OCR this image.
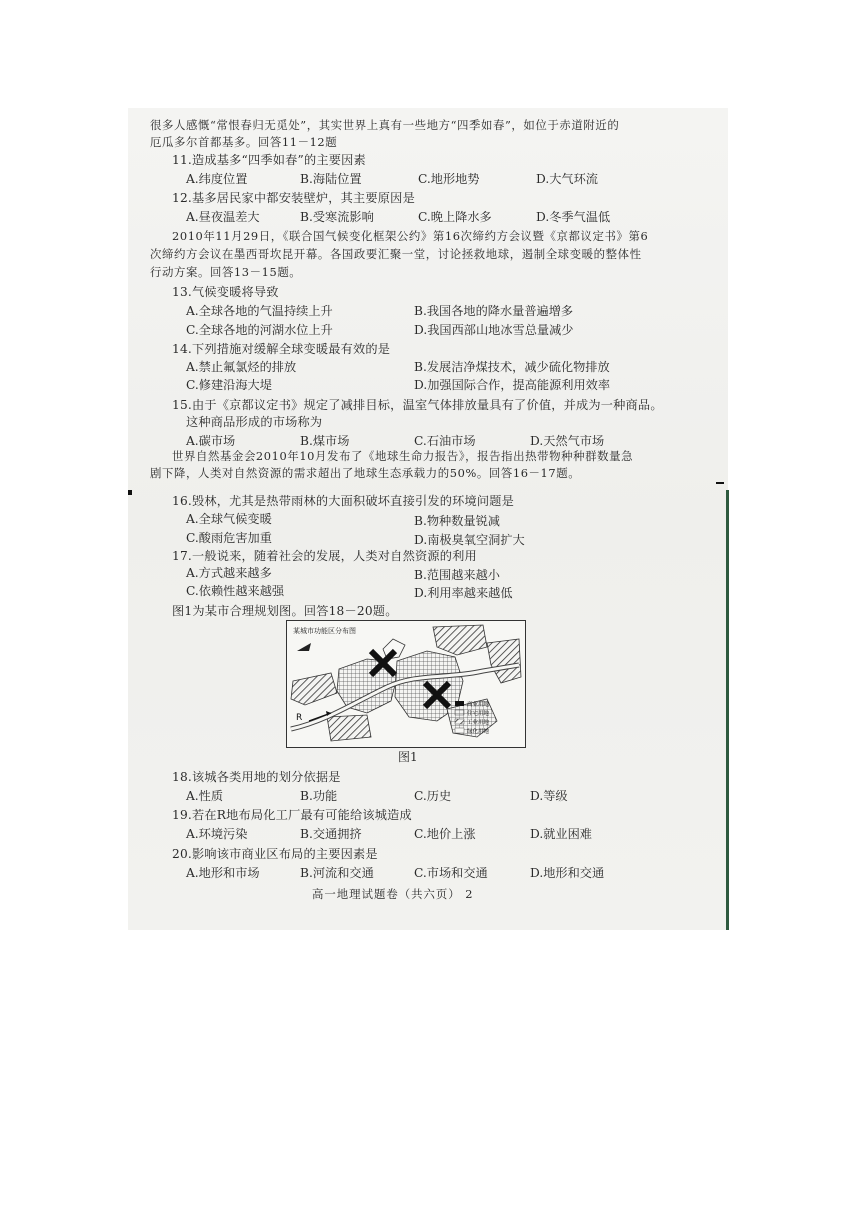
很多人感慨“常恨春归无觅处”，其实世界上真有一些地方“四季如春”，如位于赤道附近的
厄瓜多尔首都基多。回答11－12题
11.造成基多“四季如春”的主要因素
A.纬度位置	B.海陆位置	C.地形地势	D.大气环流
12.基多居民家中都安装壁炉，其主要原因是
A.昼夜温差大	B.受寒流影响	C.晚上降水多	D.冬季气温低
2010年11月29日，《联合国气候变化框架公约》第16次缔约方会议暨《京都议定书》第6
次缔约方会议在墨西哥坎昆开幕。各国政要汇聚一堂，讨论拯救地球，遏制全球变暖的整体性
行动方案。回答13－15题。
13.气候变暖将导致
A.全球各地的气温持续上升	B.我国各地的降水量普遍增多
C.全球各地的河湖水位上升	D.我国西部山地冰雪总量减少
14.下列措施对缓解全球变暖最有效的是
A.禁止氟氯烃的排放	B.发展洁净煤技术，减少硫化物排放
C.修建沿海大堤	D.加强国际合作，提高能源利用效率
15.由于《京都议定书》规定了减排目标，温室气体排放量具有了价值，并成为一种商品。
这种商品形成的市场称为
A.碳市场	B.煤市场	C.石油市场	D.天然气市场
世界自然基金会2010年10月发布了《地球生命力报告》，报告指出热带物种种群数量急
剧下降，人类对自然资源的需求超出了地球生态承载力的50%。回答16－17题。
16.毁林，尤其是热带雨林的大面积破坏直接引发的环境问题是
A.全球气候变暖	B.物种数量锐减
C.酸雨危害加重	D.南极臭氧空洞扩大
17.一般说来，随着社会的发展，人类对自然资源的利用
A.方式越来越多	B.范围越来越小
C.依赖性越来越强	D.利用率越来越低
图1为某市合理规划图。回答18－20题。
某城市功能区分布图
R
商业用地
住宅用地
工业用地
绿化用地
图1
18.该城各类用地的划分依据是
A.性质	B.功能	C.历史	D.等级
19.若在R地布局化工厂最有可能给该城造成
A.环境污染	B.交通拥挤	C.地价上涨	D.就业困难
20.影响该市商业区布局的主要因素是
A.地形和市场	B.河流和交通	C.市场和交通	D.地形和交通
高一地理试题卷（共六页） 2
